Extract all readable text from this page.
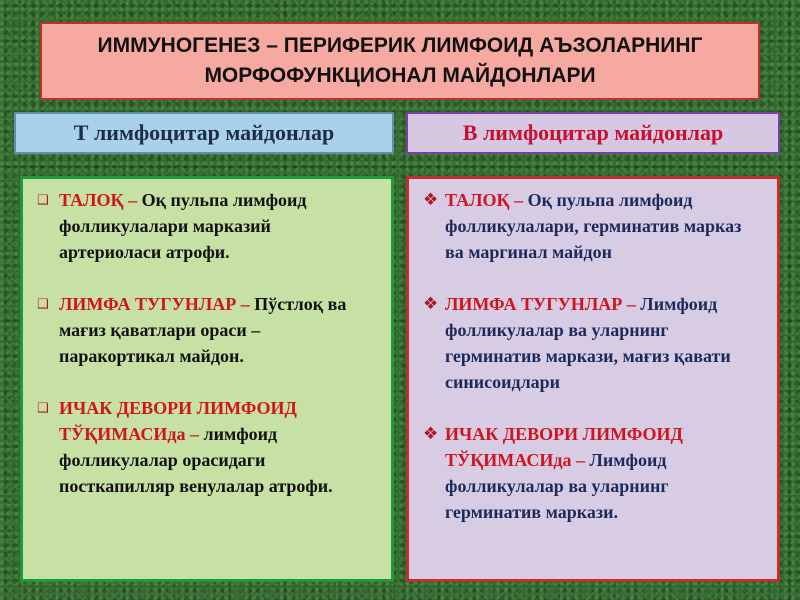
ИММУНОГЕНЕЗ – ПЕРИФЕРИК ЛИМФОИД АЪЗОЛАРНИНГ
МОРФОФУНКЦИОНАЛ МАЙДОНЛАРИ
Т лимфоцитар майдонлар	В лимфоцитар майдонлар
❑ ТАЛОҚ – Оқ пульпа лимфоид фолликулалари марказий артериоласи атрофи.
❑ ЛИМФА ТУГУНЛАР – Пўстлоқ ва мағиз қаватлари ораси – паракортикал майдон.
❑ ИЧАК ДЕВОРИ ЛИМФОИД ТЎҚИМАСИда – лимфоид фолликулалар орасидаги посткапилляр венулалар атрофи.
❖ ТАЛОҚ – Оқ пульпа лимфоид фолликулалари, герминатив марказ ва маргинал майдон
❖ ЛИМФА ТУГУНЛАР – Лимфоид фолликулалар ва уларнинг герминатив маркази, мағиз қавати синисоидлари
❖ ИЧАК ДЕВОРИ ЛИМФОИД ТЎҚИМАСИда – Лимфоид фолликулалар ва уларнинг герминатив маркази.
